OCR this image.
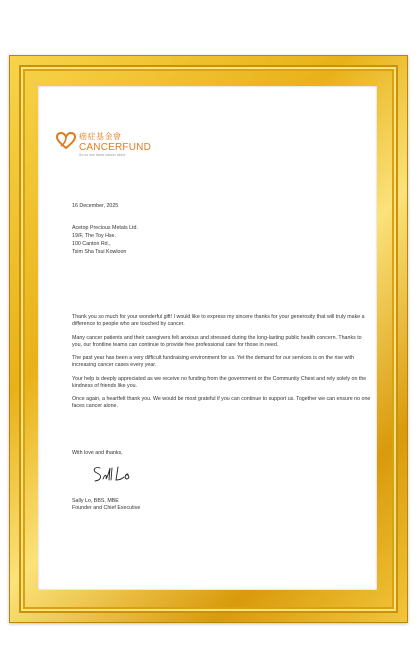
癌症基金會
CANCERFUND
So no one faces cancer alone
16 December, 2025
Acetop Precious Metals Ltd.
19/F, The Toy Hse.
100 Canton Rd.,
Tsim Sha Tsui Kowloon

Thank you so much for your wonderful gift! I would like to express my sincere thanks for your generosity that will truly make a difference to people who are touched by cancer.

Many cancer patients and their caregivers felt anxious and stressed during the long-lasting public health concern. Thanks to you, our frontline teams can continue to provide free professional care for those in need.

The past year has been a very difficult fundraising environment for us. Yet the demand for our services is on the rise with increasing cancer cases every year.

Your help is deeply appreciated as we receive no funding from the government or the Community Chest and rely solely on the kindness of friends like you.

Once again, a heartfelt thank you. We would be most grateful if you can continue to support us. Together we can ensure no one faces cancer alone.

With love and thanks,
Sally Lo, BBS, MBE
Founder and Chief Executive
